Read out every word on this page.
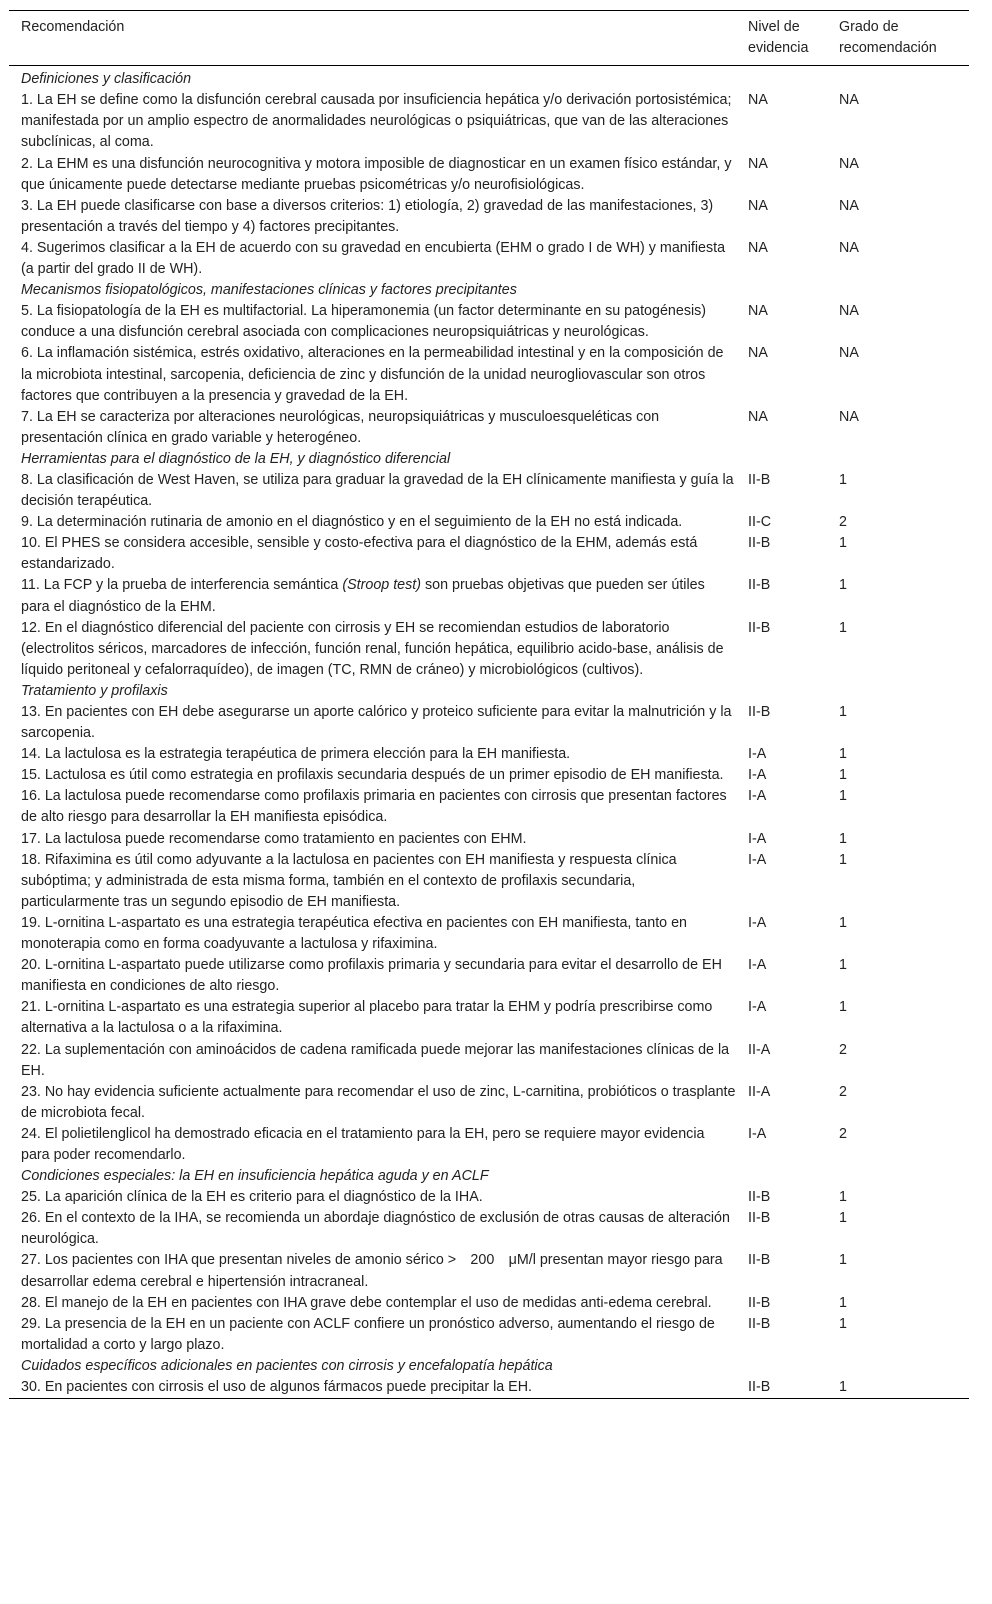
Recomendación	Nivel de evidencia	Grado de recomendación
Definiciones y clasificación		
1. La EH se define como la disfunción cerebral causada por insuficiencia hepática y/o derivación portosistémica; manifestada por un amplio espectro de anormalidades neurológicas o psiquiátricas, que van de las alteraciones subclínicas, al coma.	NA	NA
2. La EHM es una disfunción neurocognitiva y motora imposible de diagnosticar en un examen físico estándar, y que únicamente puede detectarse mediante pruebas psicométricas y/o neurofisiológicas.	NA	NA
3. La EH puede clasificarse con base a diversos criterios: 1) etiología, 2) gravedad de las manifestaciones, 3) presentación a través del tiempo y 4) factores precipitantes.	NA	NA
4. Sugerimos clasificar a la EH de acuerdo con su gravedad en encubierta (EHM o grado I de WH) y manifiesta (a partir del grado II de WH).	NA	NA
Mecanismos fisiopatológicos, manifestaciones clínicas y factores precipitantes		
5. La fisiopatología de la EH es multifactorial. La hiperamonemia (un factor determinante en su patogénesis) conduce a una disfunción cerebral asociada con complicaciones neuropsiquiátricas y neurológicas.	NA	NA
6. La inflamación sistémica, estrés oxidativo, alteraciones en la permeabilidad intestinal y en la composición de la microbiota intestinal, sarcopenia, deficiencia de zinc y disfunción de la unidad neurogliovascular son otros factores que contribuyen a la presencia y gravedad de la EH.	NA	NA
7. La EH se caracteriza por alteraciones neurológicas, neuropsiquiátricas y musculoesqueléticas con presentación clínica en grado variable y heterogéneo.	NA	NA
Herramientas para el diagnóstico de la EH, y diagnóstico diferencial		
8. La clasificación de West Haven, se utiliza para graduar la gravedad de la EH clínicamente manifiesta y guía la decisión terapéutica.	II-B	1
9. La determinación rutinaria de amonio en el diagnóstico y en el seguimiento de la EH no está indicada.	II-C	2
10. El PHES se considera accesible, sensible y costo-efectiva para el diagnóstico de la EHM, además está estandarizado.	II-B	1
11. La FCP y la prueba de interferencia semántica (Stroop test) son pruebas objetivas que pueden ser útiles para el diagnóstico de la EHM.	II-B	1
12. En el diagnóstico diferencial del paciente con cirrosis y EH se recomiendan estudios de laboratorio (electrolitos séricos, marcadores de infección, función renal, función hepática, equilibrio acido-base, análisis de líquido peritoneal y cefalorraquídeo), de imagen (TC, RMN de cráneo) y microbiológicos (cultivos).	II-B	1
Tratamiento y profilaxis		
13. En pacientes con EH debe asegurarse un aporte calórico y proteico suficiente para evitar la malnutrición y la sarcopenia.	II-B	1
14. La lactulosa es la estrategia terapéutica de primera elección para la EH manifiesta.	I-A	1
15. Lactulosa es útil como estrategia en profilaxis secundaria después de un primer episodio de EH manifiesta.	I-A	1
16. La lactulosa puede recomendarse como profilaxis primaria en pacientes con cirrosis que presentan factores de alto riesgo para desarrollar la EH manifiesta episódica.	I-A	1
17. La lactulosa puede recomendarse como tratamiento en pacientes con EHM.	I-A	1
18. Rifaximina es útil como adyuvante a la lactulosa en pacientes con EH manifiesta y respuesta clínica subóptima; y administrada de esta misma forma, también en el contexto de profilaxis secundaria, particularmente tras un segundo episodio de EH manifiesta.	I-A	1
19. L-ornitina L-aspartato es una estrategia terapéutica efectiva en pacientes con EH manifiesta, tanto en monoterapia como en forma coadyuvante a lactulosa y rifaximina.	I-A	1
20. L-ornitina L-aspartato puede utilizarse como profilaxis primaria y secundaria para evitar el desarrollo de EH manifiesta en condiciones de alto riesgo.	I-A	1
21. L-ornitina L-aspartato es una estrategia superior al placebo para tratar la EHM y podría prescribirse como alternativa a la lactulosa o a la rifaximina.	I-A	1
22. La suplementación con aminoácidos de cadena ramificada puede mejorar las manifestaciones clínicas de la EH.	II-A	2
23. No hay evidencia suficiente actualmente para recomendar el uso de zinc, L-carnitina, probióticos o trasplante de microbiota fecal.	II-A	2
24. El polietilenglicol ha demostrado eficacia en el tratamiento para la EH, pero se requiere mayor evidencia para poder recomendarlo.	I-A	2
Condiciones especiales: la EH en insuficiencia hepática aguda y en ACLF		
25. La aparición clínica de la EH es criterio para el diagnóstico de la IHA.	II-B	1
26. En el contexto de la IHA, se recomienda un abordaje diagnóstico de exclusión de otras causas de alteración neurológica.	II-B	1
27. Los pacientes con IHA que presentan niveles de amonio sérico > 200 μM/l presentan mayor riesgo para desarrollar edema cerebral e hipertensión intracraneal.	II-B	1
28. El manejo de la EH en pacientes con IHA grave debe contemplar el uso de medidas anti-edema cerebral.	II-B	1
29. La presencia de la EH en un paciente con ACLF confiere un pronóstico adverso, aumentando el riesgo de mortalidad a corto y largo plazo.	II-B	1
Cuidados específicos adicionales en pacientes con cirrosis y encefalopatía hepática		
30. En pacientes con cirrosis el uso de algunos fármacos puede precipitar la EH.	II-B	1
